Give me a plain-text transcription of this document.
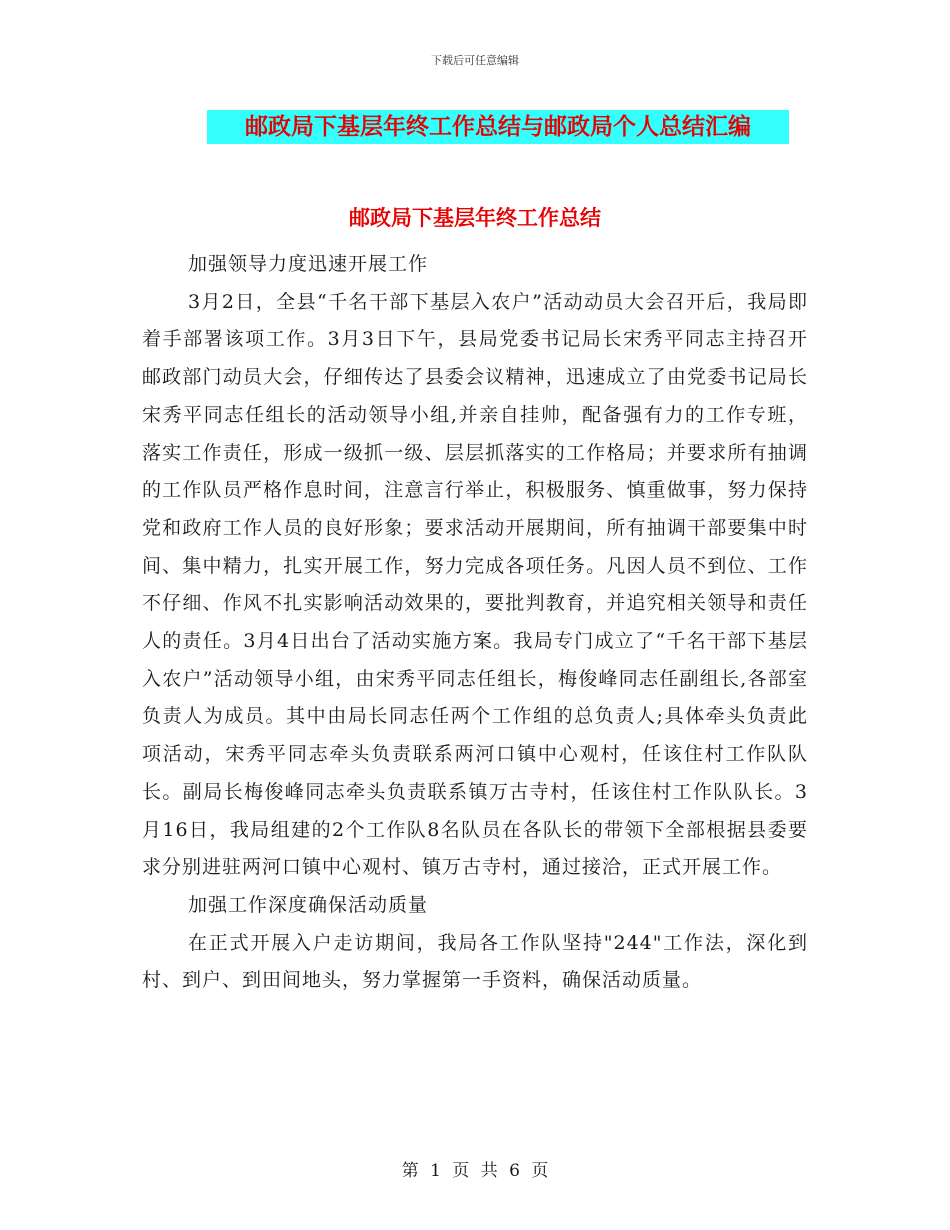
下载后可任意编辑
邮政局下基层年终工作总结与邮政局个人总结汇编
邮政局下基层年终工作总结

加强领导力度迅速开展工作

3月2日，全县“千名干部下基层入农户”活动动员大会召开后，我局即着手部署该项工作。3月3日下午，县局党委书记局长宋秀平同志主持召开邮政部门动员大会，仔细传达了县委会议精神，迅速成立了由党委书记局长宋秀平同志任组长的活动领导小组,并亲自挂帅，配备强有力的工作专班，落实工作责任，形成一级抓一级、层层抓落实的工作格局；并要求所有抽调的工作队员严格作息时间，注意言行举止，积极服务、慎重做事，努力保持党和政府工作人员的良好形象；要求活动开展期间，所有抽调干部要集中时间、集中精力，扎实开展工作，努力完成各项任务。凡因人员不到位、工作不仔细、作风不扎实影响活动效果的，要批判教育，并追究相关领导和责任人的责任。3月4日出台了活动实施方案。我局专门成立了“千名干部下基层入农户”活动领导小组，由宋秀平同志任组长，梅俊峰同志任副组长,各部室负责人为成员。其中由局长同志任两个工作组的总负责人;具体牵头负责此项活动，宋秀平同志牵头负责联系两河口镇中心观村，任该住村工作队队长。副局长梅俊峰同志牵头负责联系镇万古寺村，任该住村工作队队长。3月16日，我局组建的2个工作队8名队员在各队长的带领下全部根据县委要求分别进驻两河口镇中心观村、镇万古寺村，通过接洽，正式开展工作。

加强工作深度确保活动质量

在正式开展入户走访期间，我局各工作队坚持"244"工作法，深化到村、到户、到田间地头，努力掌握第一手资料，确保活动质量。

第 1 页 共 6 页
